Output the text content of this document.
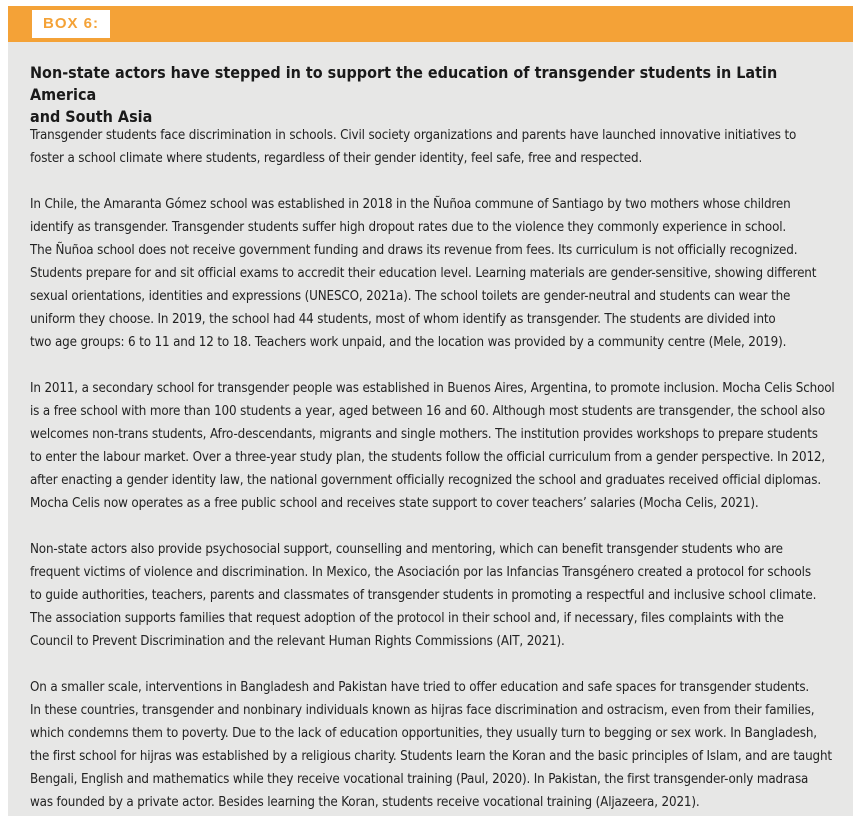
BOX 6:
Non-state actors have stepped in to support the education of transgender students in Latin America
and South Asia

Transgender students face discrimination in schools. Civil society organizations and parents have launched innovative initiatives to
foster a school climate where students, regardless of their gender identity, feel safe, free and respected.

In Chile, the Amaranta Gómez school was established in 2018 in the Ñuñoa commune of Santiago by two mothers whose children
identify as transgender. Transgender students suffer high dropout rates due to the violence they commonly experience in school.
The Ñuñoa school does not receive government funding and draws its revenue from fees. Its curriculum is not officially recognized.
Students prepare for and sit official exams to accredit their education level. Learning materials are gender-sensitive, showing different
sexual orientations, identities and expressions (UNESCO, 2021a). The school toilets are gender-neutral and students can wear the
uniform they choose. In 2019, the school had 44 students, most of whom identify as transgender. The students are divided into
two age groups: 6 to 11 and 12 to 18. Teachers work unpaid, and the location was provided by a community centre (Mele, 2019).

In 2011, a secondary school for transgender people was established in Buenos Aires, Argentina, to promote inclusion. Mocha Celis School
is a free school with more than 100 students a year, aged between 16 and 60. Although most students are transgender, the school also
welcomes non-trans students, Afro-descendants, migrants and single mothers. The institution provides workshops to prepare students
to enter the labour market. Over a three-year study plan, the students follow the official curriculum from a gender perspective. In 2012,
after enacting a gender identity law, the national government officially recognized the school and graduates received official diplomas.
Mocha Celis now operates as a free public school and receives state support to cover teachers’ salaries (Mocha Celis, 2021).

Non-state actors also provide psychosocial support, counselling and mentoring, which can benefit transgender students who are
frequent victims of violence and discrimination. In Mexico, the Asociación por las Infancias Transgénero created a protocol for schools
to guide authorities, teachers, parents and classmates of transgender students in promoting a respectful and inclusive school climate.
The association supports families that request adoption of the protocol in their school and, if necessary, files complaints with the
Council to Prevent Discrimination and the relevant Human Rights Commissions (AIT, 2021).

On a smaller scale, interventions in Bangladesh and Pakistan have tried to offer education and safe spaces for transgender students.
In these countries, transgender and nonbinary individuals known as hijras face discrimination and ostracism, even from their families,
which condemns them to poverty. Due to the lack of education opportunities, they usually turn to begging or sex work. In Bangladesh,
the first school for hijras was established by a religious charity. Students learn the Koran and the basic principles of Islam, and are taught
Bengali, English and mathematics while they receive vocational training (Paul, 2020). In Pakistan, the first transgender-only madrasa
was founded by a private actor. Besides learning the Koran, students receive vocational training (Aljazeera, 2021).
